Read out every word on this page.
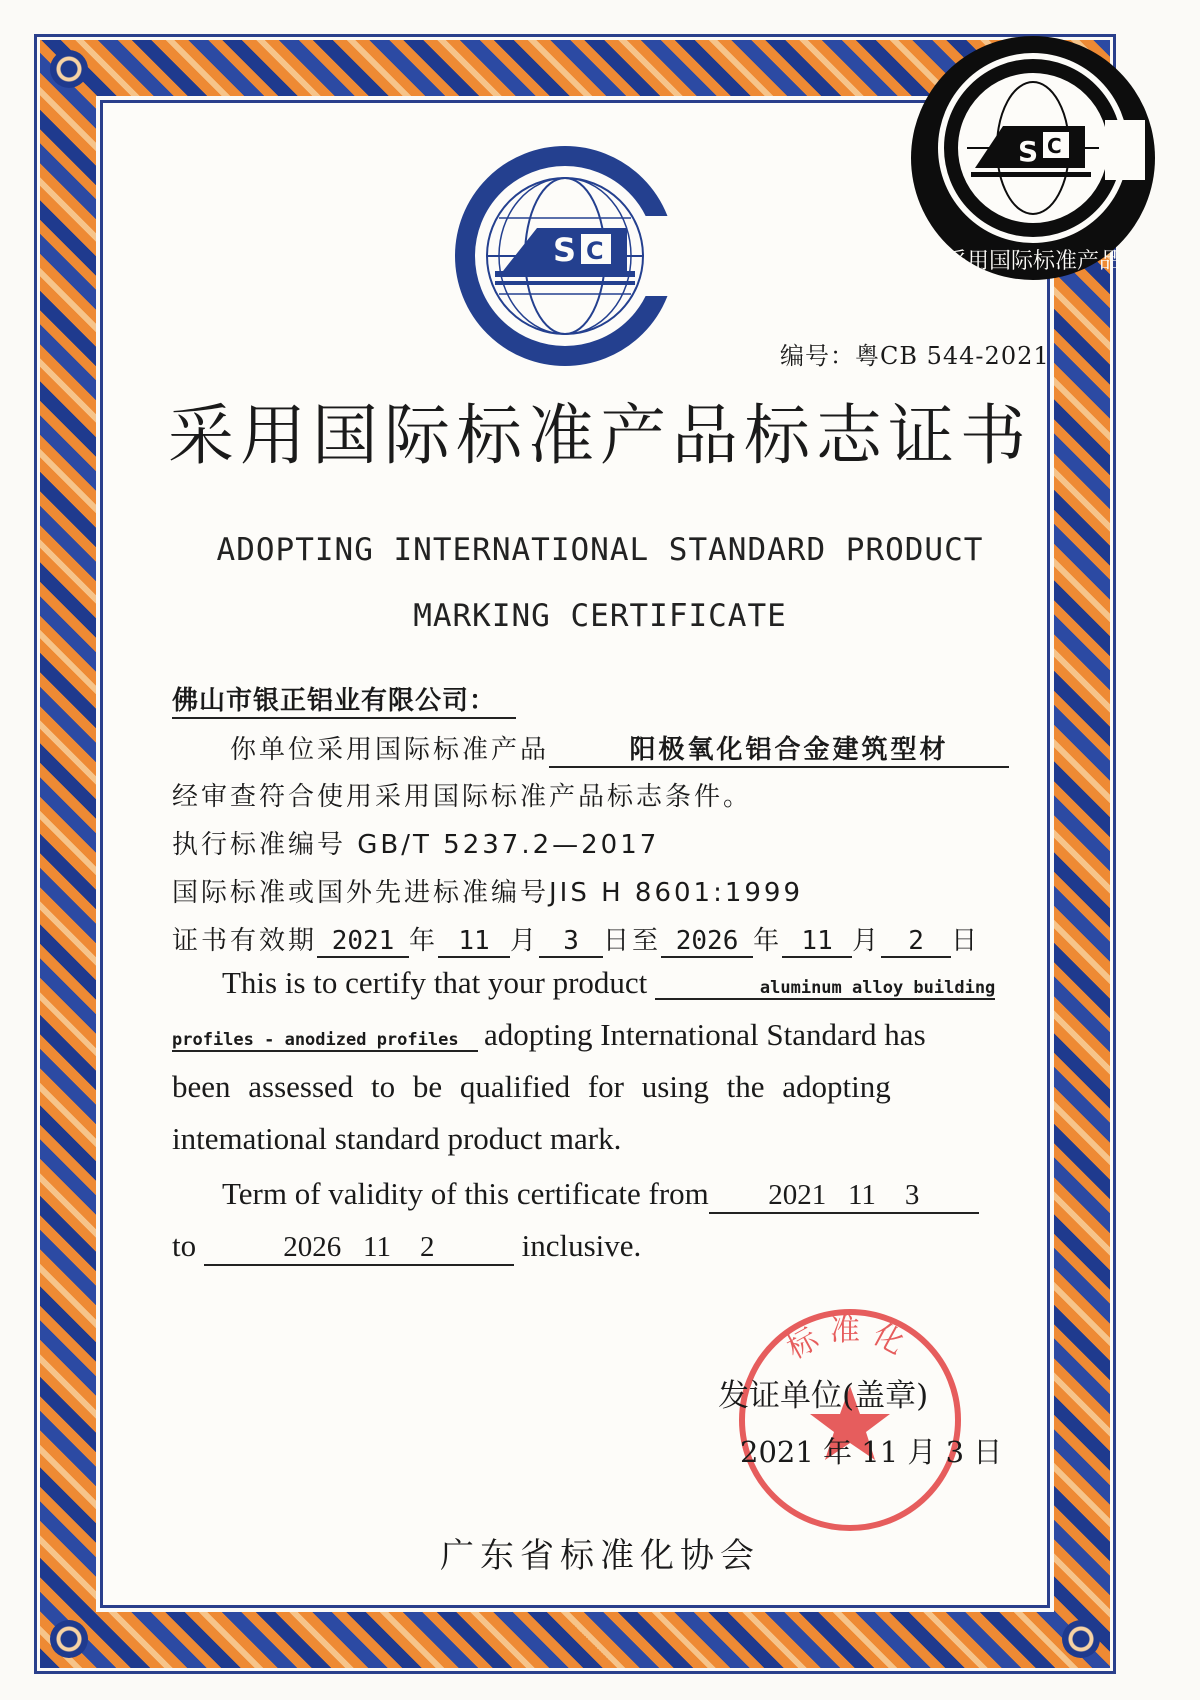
S C
S C
采用国际标准产品
编号：粤CB 544-2021
采用国际标准产品标志证书
ADOPTING INTERNATIONAL STANDARD PRODUCT
MARKING CERTIFICATE
佛山市银正铝业有限公司：
你单位采用国际标准产品	阳极氧化铝合金建筑型材
经审查符合使用采用国际标准产品标志条件。
执行标准编号 GB/T 5237.2—2017
国际标准或国外先进标准编号JIS H 8601:1999
证书有效期 2021 年 11 月 3 日至 2026 年 11 月 2 日
This is to certify that your product	aluminum alloy building
profiles - anodized profiles adopting International Standard has
been assessed to be qualified for using the adopting
intemational standard product mark.
Term of validity of this certificate from 2021   11    3
to	2026   11    2	inclusive.
标准化
发证单位(盖章)
2021 年 11 月 3 日
广东省标准化协会
